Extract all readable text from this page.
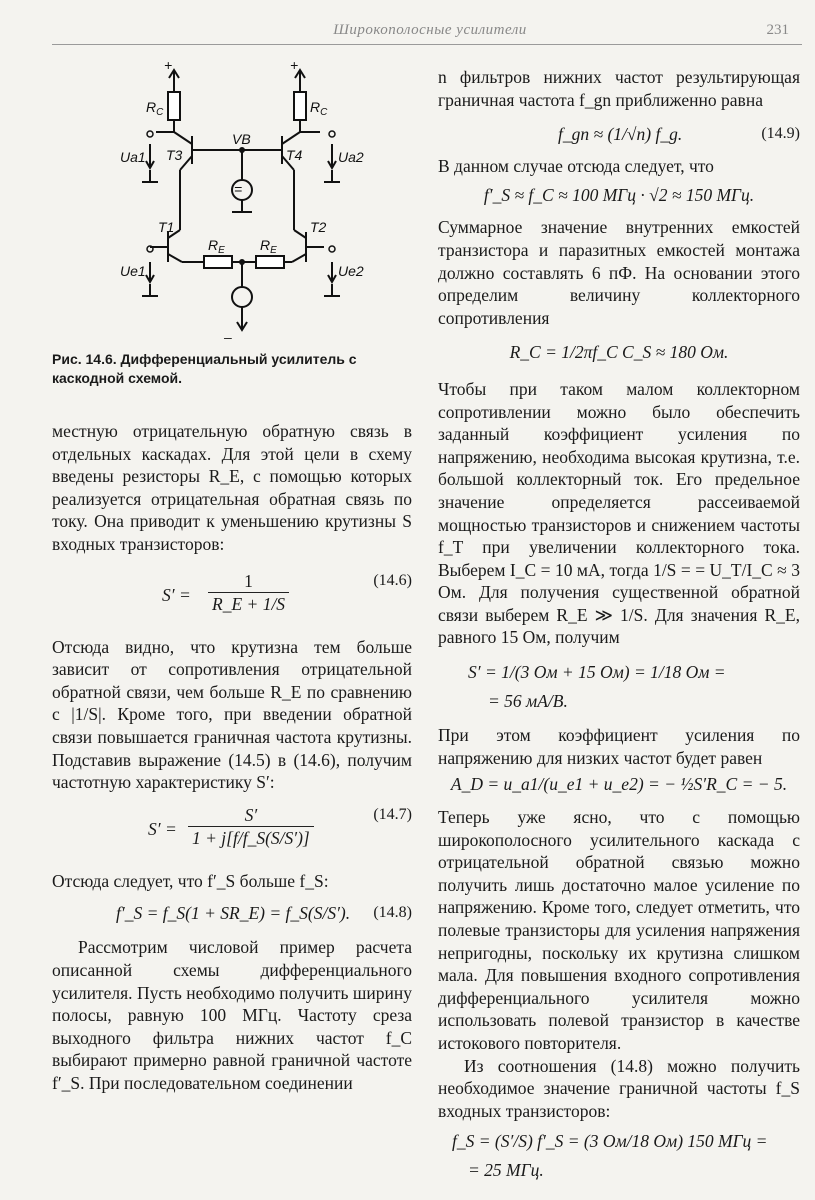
Широкополосные усилители	231
+	+
$R_C$	$R_C$
T3	T4
VB
Ua1	Ua2
T1	T2
$R_E$	$R_E$
Ue1	Ue2
–
=

Рис. 14.6. Дифференциальный усилитель с каскодной схемой.

местную отрицательную обратную связь в отдельных каскадах. Для этой цели в схему введены резисторы R_E, с помощью которых реализуется отрицательная обратная связь по току. Она приводит к уменьшению крутизны S входных транзисторов:

$S' = \frac{1}{R\_E + 1/S}$	(14.6)

Отсюда видно, что крутизна тем больше зависит от сопротивления отрицательной обратной связи, чем больше R_E по сравнению с |1/S|. Кроме того, при введении обратной связи повышается граничная частота крутизны. Подставив выражение (14.5) в (14.6), получим частотную характеристику S′:

$S' = \frac{S'}{1 + j[f/f\_S(S/S')]}$	(14.7)

Отсюда следует, что f′_S больше f_S:

f′_S = f_S(1 + SR_E) = f_S(S/S′). (14.8)

Рассмотрим числовой пример расчета описанной схемы дифференциального усилителя. Пусть необходимо получить ширину полосы, равную 100 МГц. Частоту среза выходного фильтра нижних частот f_C выбирают примерно равной граничной частоте f′_S. При последовательном соединении

n фильтров нижних частот результирующая граничная частота f_gn приближенно равна

f_gn ≈ (1/√n) f_g.	(14.9)

В данном случае отсюда следует, что

f′_S ≈ f_C ≈ 100 МГц · √2 ≈ 150 МГц.

Суммарное значение внутренних емкостей транзистора и паразитных емкостей монтажа должно составлять 6 пФ. На основании этого определим величину коллекторного сопротивления

R_C = 1/2πf_C C_S ≈ 180 Ом.

Чтобы при таком малом коллекторном сопротивлении можно было обеспечить заданный коэффициент усиления по напряжению, необходима высокая крутизна, т.е. большой коллекторный ток. Его предельное значение определяется рассеиваемой мощностью транзисторов и снижением частоты f_T при увеличении коллекторного тока. Выберем I_C = 10 мА, тогда 1/S = = U_T/I_C ≈ 3 Ом. Для получения существенной обратной связи выберем R_E ≫ 1/S. Для значения R_E, равного 15 Ом, получим

S′ = 1/(3 Ом + 15 Ом) = 1/18 Ом =

= 56 мА/В.

При этом коэффициент усиления по напряжению для низких частот будет равен

A_D = u_a1/(u_e1 + u_e2) = − ½S′R_C = − 5.

Теперь уже ясно, что с помощью широкополосного усилительного каскада с отрицательной обратной связью можно получить лишь достаточно малое усиление по напряжению. Кроме того, следует отметить, что полевые транзисторы для усиления напряжения непригодны, поскольку их крутизна слишком мала. Для повышения входного сопротивления дифференциального усилителя можно использовать полевой транзистор в качестве истокового повторителя.

Из соотношения (14.8) можно получить необходимое значение граничной частоты f_S входных транзисторов:

f_S = (S′/S) f′_S = (3 Ом/18 Ом) 150 МГц =

= 25 МГц.
